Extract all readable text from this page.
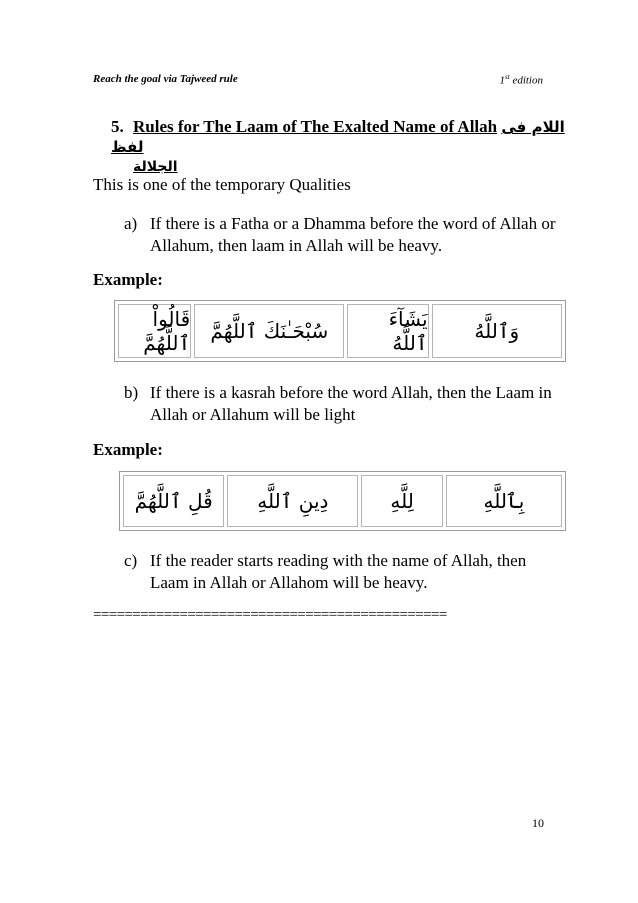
Reach the goal via Tajweed rule	1st edition
5. Rules for The Laam of The Exalted Name of Allah اللام فى لفظ
الجلالة
This is one of the temporary Qualities
a) If there is a Fatha or a Dhamma before the word of Allah or Allahum, then laam in Allah will be heavy.
Example:
وَٱللَّهُ
يَشَآءَ ٱللَّهُ
سُبْحَـٰنَكَ ٱللَّهُمَّ
قَالُواْ ٱللَّهُمَّ
b) If there is a kasrah before the word Allah, then the Laam in Allah or Allahum will be light
Example:
بِٱللَّهِ
لِلَّهِ
دِينِ ٱللَّهِ
قُلِ ٱللَّهُمَّ
c) If the reader starts reading with the name of Allah, then Laam in Allah or Allahom will be heavy.
=============================================
10
